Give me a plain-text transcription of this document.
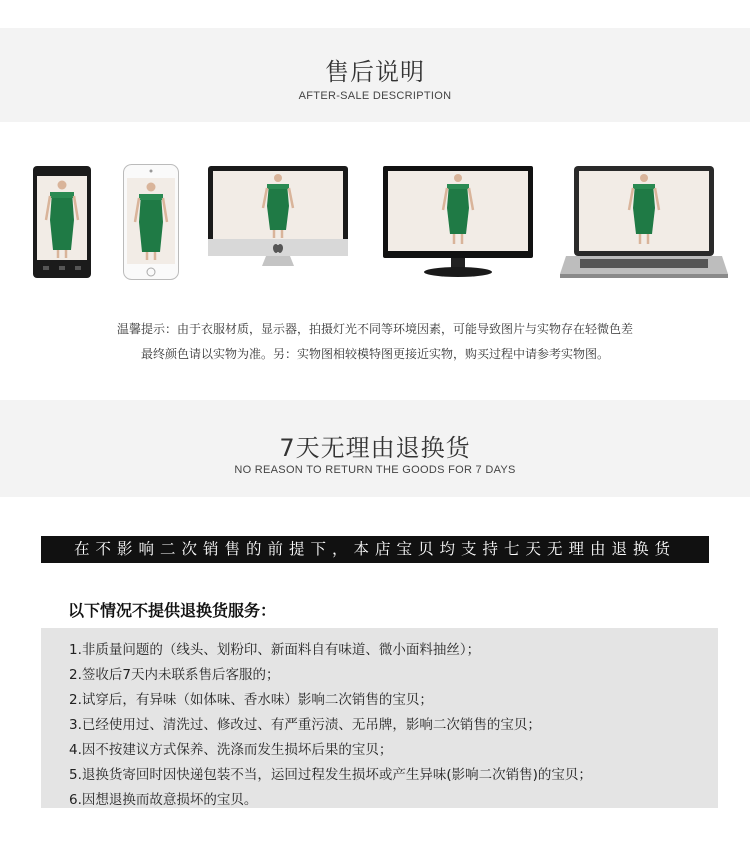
售后说明
AFTER-SALE DESCRIPTION
温馨提示：由于衣服材质，显示器，拍摄灯光不同等环境因素，可能导致图片与实物存在轻微色差
最终颜色请以实物为准。另：实物图相较模特图更接近实物，购买过程中请参考实物图。
7天无理由退换货
NO REASON TO RETURN THE GOODS FOR 7 DAYS
在不影响二次销售的前提下，本店宝贝均支持七天无理由退换货
以下情况不提供退换货服务：
1.非质量问题的（线头、划粉印、新面料自有味道、微小面料抽丝）；
2.签收后7天内未联系售后客服的；
2.试穿后，有异味（如体味、香水味）影响二次销售的宝贝；
3.已经使用过、清洗过、修改过、有严重污渍、无吊牌，影响二次销售的宝贝；
4.因不按建议方式保养、洗涤而发生损坏后果的宝贝；
5.退换货寄回时因快递包装不当，运回过程发生损坏或产生异味(影响二次销售)的宝贝；
6.因想退换而故意损坏的宝贝。
